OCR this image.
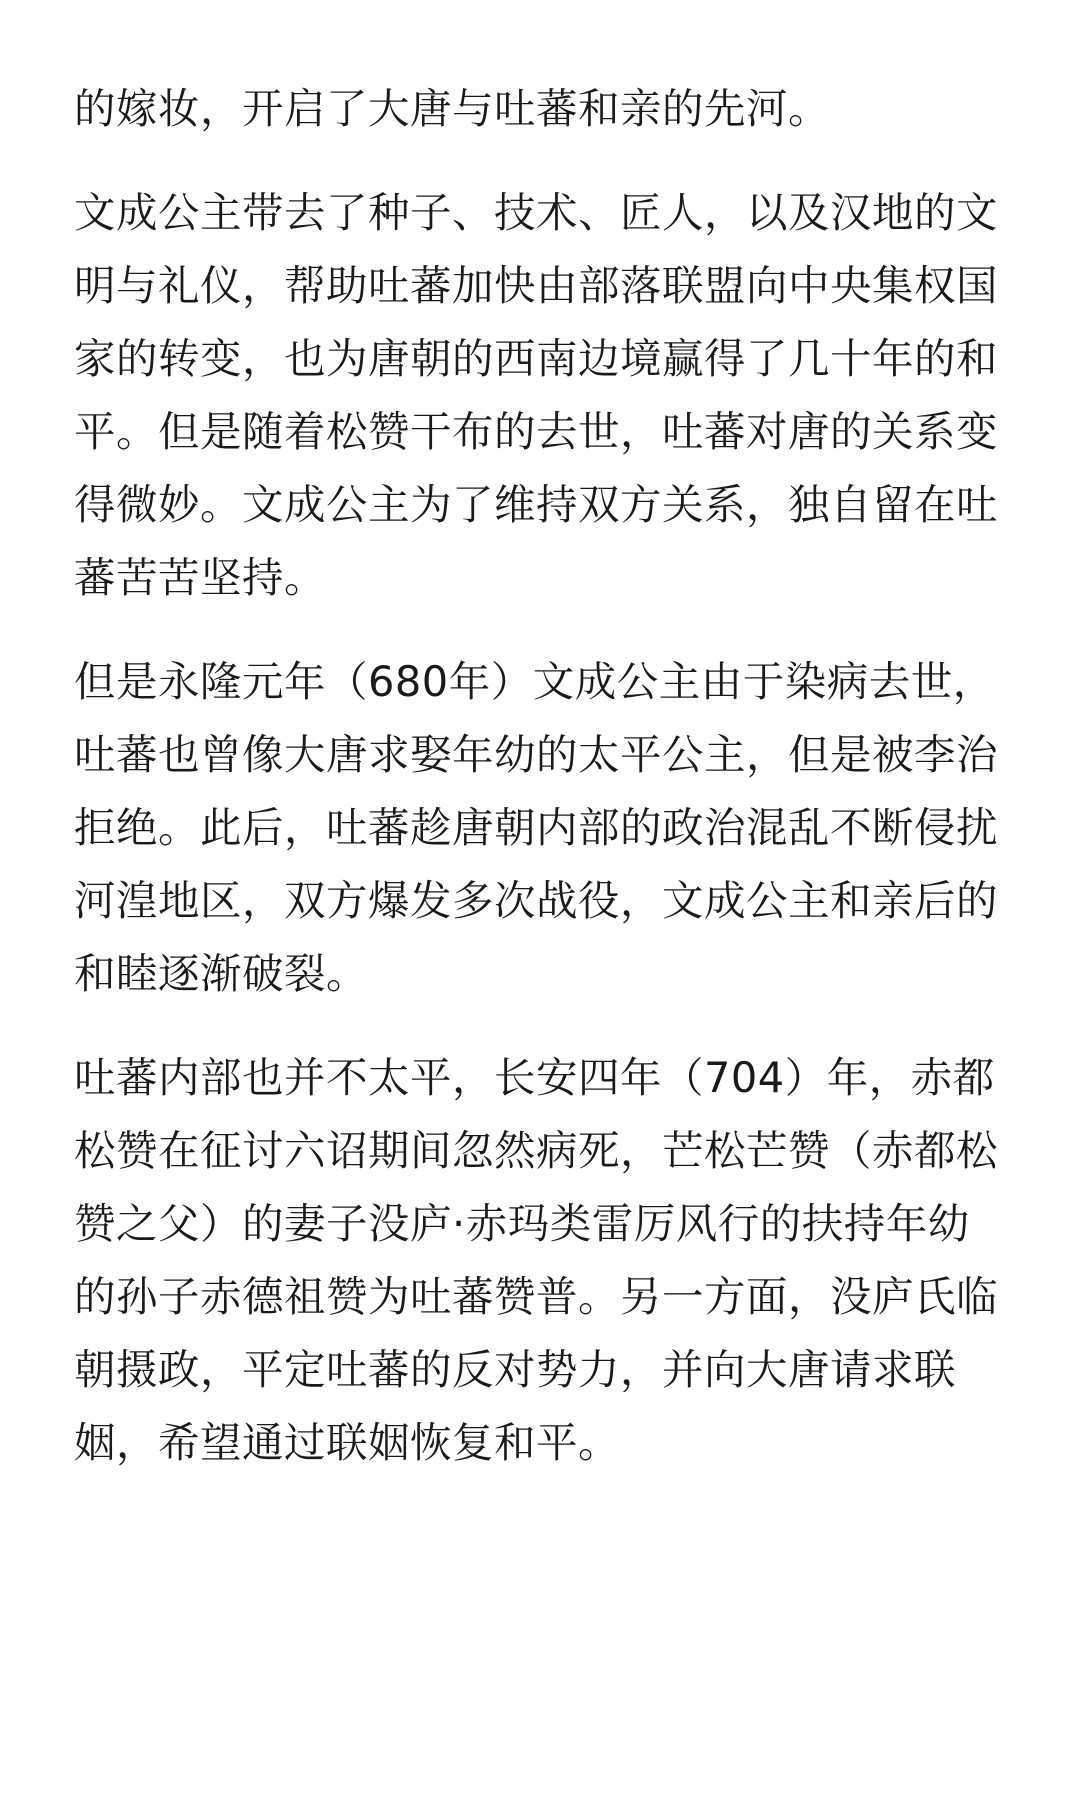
的嫁妆，开启了大唐与吐蕃和亲的先河。

文成公主带去了种子、技术、匠人，以及汉地的文
明与礼仪，帮助吐蕃加快由部落联盟向中央集权国
家的转变，也为唐朝的西南边境赢得了几十年的和
平。但是随着松赞干布的去世，吐蕃对唐的关系变
得微妙。文成公主为了维持双方关系，独自留在吐
蕃苦苦坚持。

但是永隆元年（680年）文成公主由于染病去世，
吐蕃也曾像大唐求娶年幼的太平公主，但是被李治
拒绝。此后，吐蕃趁唐朝内部的政治混乱不断侵扰
河湟地区，双方爆发多次战役，文成公主和亲后的
和睦逐渐破裂。

吐蕃内部也并不太平，长安四年（704）年，赤都
松赞在征讨六诏期间忽然病死，芒松芒赞（赤都松
赞之父）的妻子没庐·赤玛类雷厉风行的扶持年幼
的孙子赤德祖赞为吐蕃赞普。另一方面，没庐氏临
朝摄政，平定吐蕃的反对势力，并向大唐请求联
姻，希望通过联姻恢复和平。
